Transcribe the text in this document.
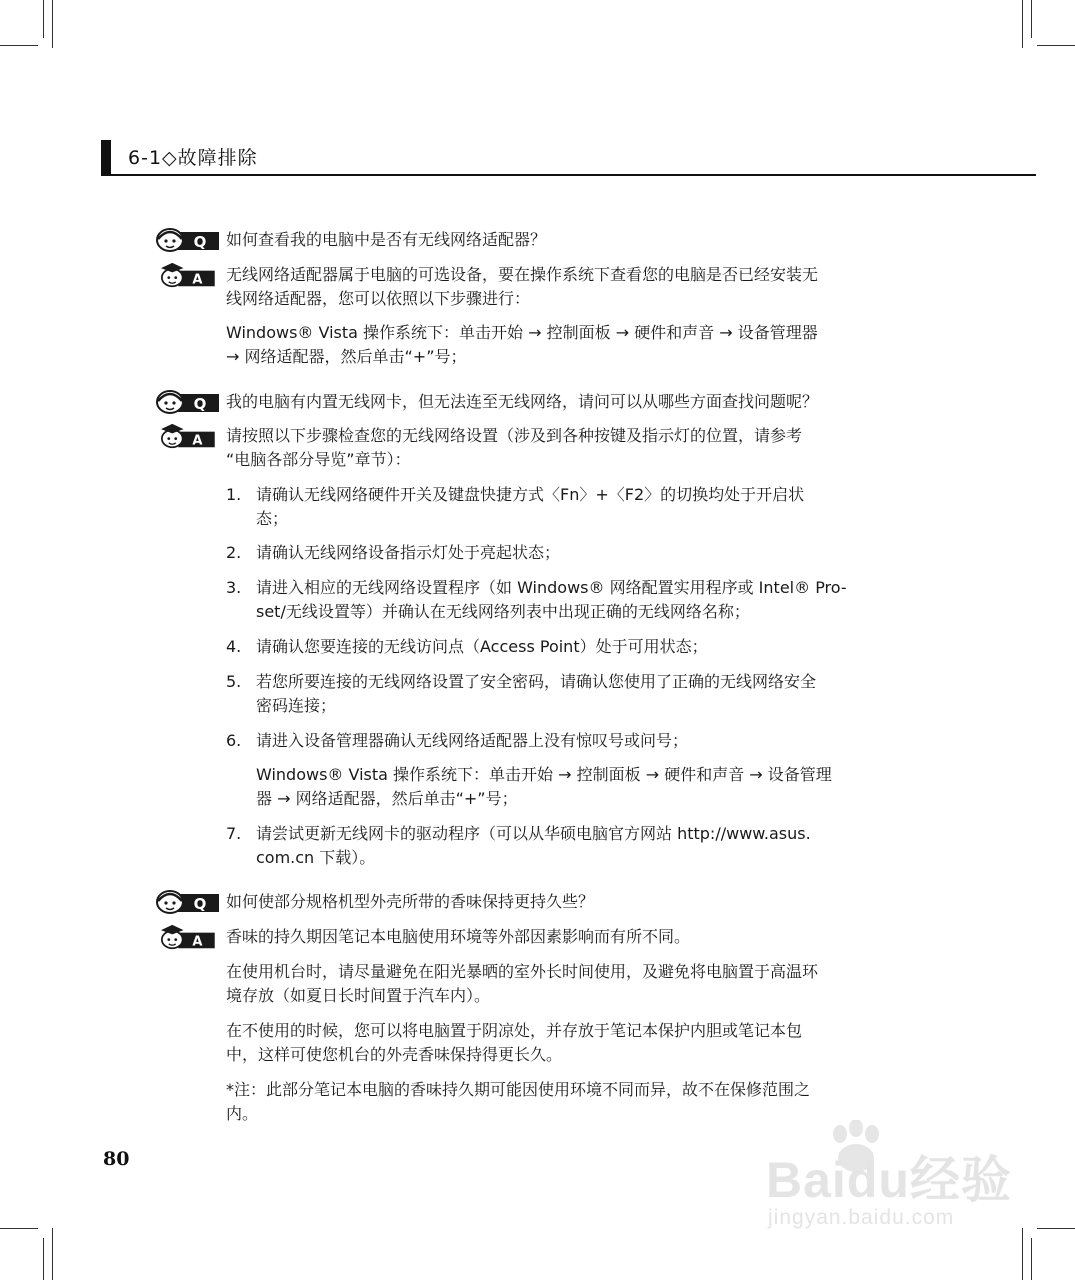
6-1◇故障排除
Q 如何查看我的电脑中是否有无线网络适配器？
A 无线网络适配器属于电脑的可选设备，要在操作系统下查看您的电脑是否已经安装无
线网络适配器，您可以依照以下步骤进行：
Windows® Vista 操作系统下：单击开始 → 控制面板 → 硬件和声音 → 设备管理器
→ 网络适配器，然后单击“+”号；
Q 我的电脑有内置无线网卡，但无法连至无线网络，请问可以从哪些方面查找问题呢？
A 请按照以下步骤检查您的无线网络设置（涉及到各种按键及指示灯的位置，请参考
“电脑各部分导览”章节）：
1. 请确认无线网络硬件开关及键盘快捷方式〈Fn〉+〈F2〉的切换均处于开启状
态；
2. 请确认无线网络设备指示灯处于亮起状态；
3. 请进入相应的无线网络设置程序（如 Windows® 网络配置实用程序或 Intel® Pro-
set/无线设置等）并确认在无线网络列表中出现正确的无线网络名称；
4. 请确认您要连接的无线访问点（Access Point）处于可用状态；
5. 若您所要连接的无线网络设置了安全密码，请确认您使用了正确的无线网络安全
密码连接；
6. 请进入设备管理器确认无线网络适配器上没有惊叹号或问号；
Windows® Vista 操作系统下：单击开始 → 控制面板 → 硬件和声音 → 设备管理
器 → 网络适配器，然后单击“+”号；
7. 请尝试更新无线网卡的驱动程序（可以从华硕电脑官方网站 http://www.asus.
com.cn 下载）。
Q 如何使部分规格机型外壳所带的香味保持更持久些？
A 香味的持久期因笔记本电脑使用环境等外部因素影响而有所不同。
在使用机台时，请尽量避免在阳光暴晒的室外长时间使用，及避免将电脑置于高温环
境存放（如夏日长时间置于汽车内）。
在不使用的时候，您可以将电脑置于阴凉处，并存放于笔记本保护内胆或笔记本包
中，这样可使您机台的外壳香味保持得更长久。
*注：此部分笔记本电脑的香味持久期可能因使用环境不同而异，故不在保修范围之
内。
80	Baidu经验
jingyan.baidu.com
